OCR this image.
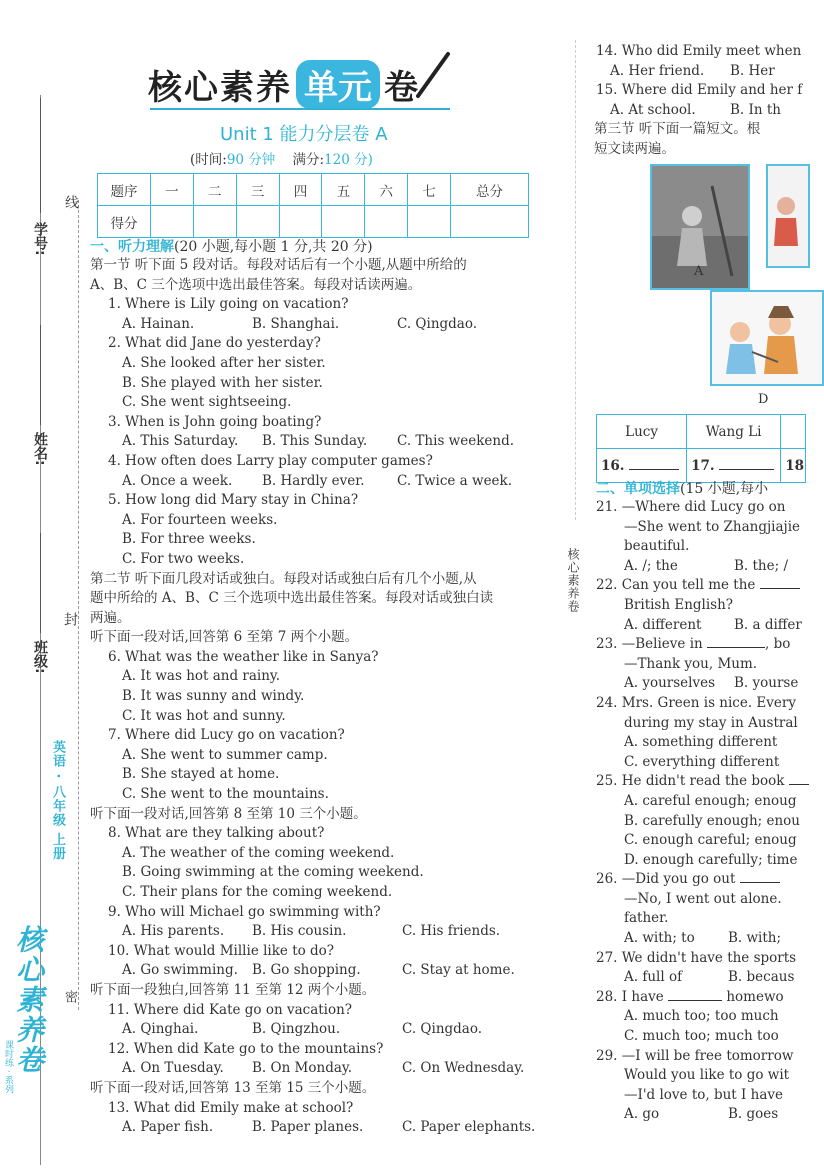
学号:
姓名:
班级:
线
封
密
英语 · 八年级 上册
核心素养卷
课时练 · 系列
核心素养 单元 卷
Unit 1 能力分层卷 A
(时间:90 分钟 满分:120 分)
题序	一	二	三	四	五	六	七	总分
得分								
一、听力理解(20 小题,每小题 1 分,共 20 分)
第一节 听下面 5 段对话。每段对话后有一个小题,从题中所给的
A、B、C 三个选项中选出最佳答案。每段对话读两遍。
1. Where is Lily going on vacation?
A. Hainan.	B. Shanghai.	C. Qingdao.
2. What did Jane do yesterday?
A. She looked after her sister.
B. She played with her sister.
C. She went sightseeing.
3. When is John going boating?
A. This Saturday. B. This Sunday. C. This weekend.
4. How often does Larry play computer games?
A. Once a week. B. Hardly ever. C. Twice a week.
5. How long did Mary stay in China?
A. For fourteen weeks.
B. For three weeks.
C. For two weeks.
第二节 听下面几段对话或独白。每段对话或独白后有几个小题,从
题中所给的 A、B、C 三个选项中选出最佳答案。每段对话或独白读
两遍。
听下面一段对话,回答第 6 至第 7 两个小题。
6. What was the weather like in Sanya?
A. It was hot and rainy.
B. It was sunny and windy.
C. It was hot and sunny.
7. Where did Lucy go on vacation?
A. She went to summer camp.
B. She stayed at home.
C. She went to the mountains.
听下面一段对话,回答第 8 至第 10 三个小题。
8. What are they talking about?
A. The weather of the coming weekend.
B. Going swimming at the coming weekend.
C. Their plans for the coming weekend.
9. Who will Michael go swimming with?
A. His parents. B. His cousin.	C. His friends.
10. What would Millie like to do?
A. Go swimming. B. Go shopping.	C. Stay at home.
听下面一段独白,回答第 11 至第 12 两个小题。
11. Where did Kate go on vacation?
A. Qinghai.	B. Qingzhou.	C. Qingdao.
12. When did Kate go to the mountains?
A. On Tuesday. B. On Monday.	C. On Wednesday.
听下面一段对话,回答第 13 至第 15 三个小题。
13. What did Emily make at school?
A. Paper fish.	B. Paper planes.	C. Paper elephants.
核心素养卷
14. Who did Emily meet when
A. Her friend. B. Her
15. Where did Emily and her f
A. At school.	B. In th
第三节 听下面一篇短文。根
短文读两遍。
A
D
Lucy	Wang Li	
16.	17.	18
二、单项选择(15 小题,每小
21. —Where did Lucy go on
—She went to Zhangjiajie
beautiful.
A. /; the	B. the; /
22. Can you tell me the
British English?
A. different B. a differ
23. —Believe in	, bo
—Thank you, Mum.
A. yourselves B. yourse
24. Mrs. Green is nice. Every
during my stay in Austral
A. something different
C. everything different
25. He didn't read the book
A. careful enough; enoug
B. carefully enough; enou
C. enough careful; enoug
D. enough carefully; time
26. —Did you go out
—No, I went out alone.
father.
A. with; to B. with;
27. We didn't have the sports
A. full of	B. becaus
28. I have	homewo
A. much too; too much
C. much too; much too
29. —I will be free tomorrow
Would you like to go wit
—I'd love to, but I have
A. go	B. goes
